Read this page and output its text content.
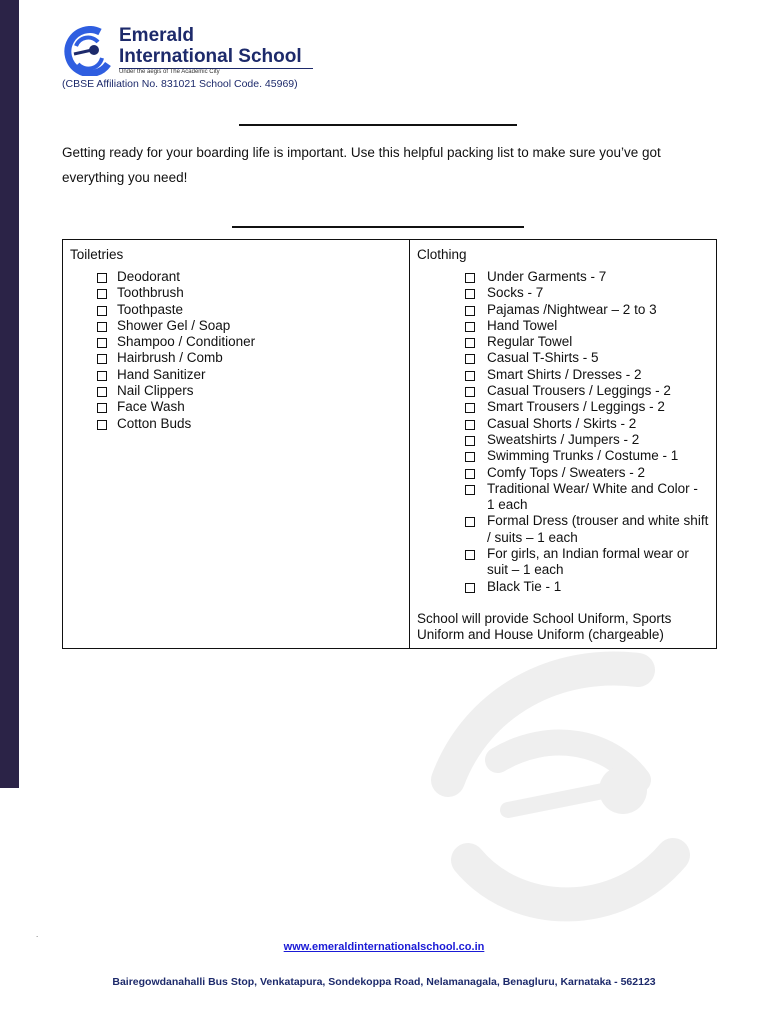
Emerald
International School
Under the aegis of The Academic City
(CBSE Affiliation No. 831021 School Code. 45969)
Getting ready for your boarding life is important. Use this helpful packing list to make sure you’ve got everything you need!
Toiletries
Deodorant
Toothbrush
Toothpaste
Shower Gel / Soap
Shampoo / Conditioner
Hairbrush / Comb
Hand Sanitizer
Nail Clippers
Face Wash
Cotton Buds

Clothing
Under Garments - 7
Socks - 7
Pajamas /Nightwear – 2 to 3
Hand Towel
Regular Towel
Casual T-Shirts - 5
Smart Shirts / Dresses - 2
Casual Trousers / Leggings - 2
Smart Trousers / Leggings - 2
Casual Shorts / Skirts - 2
Sweatshirts / Jumpers - 2
Swimming Trunks / Costume - 1
Comfy Tops / Sweaters - 2
Traditional Wear/ White and Color - 1 each
Formal Dress (trouser and white shift / suits – 1 each
For girls, an Indian formal wear or suit – 1 each
Black Tie - 1
School will provide School Uniform, Sports Uniform and House Uniform (chargeable)
.
www.emeraldinternationalschool.co.in
Bairegowdanahalli Bus Stop, Venkatapura, Sondekoppa Road, Nelamanagala, Benagluru, Karnataka - 562123
